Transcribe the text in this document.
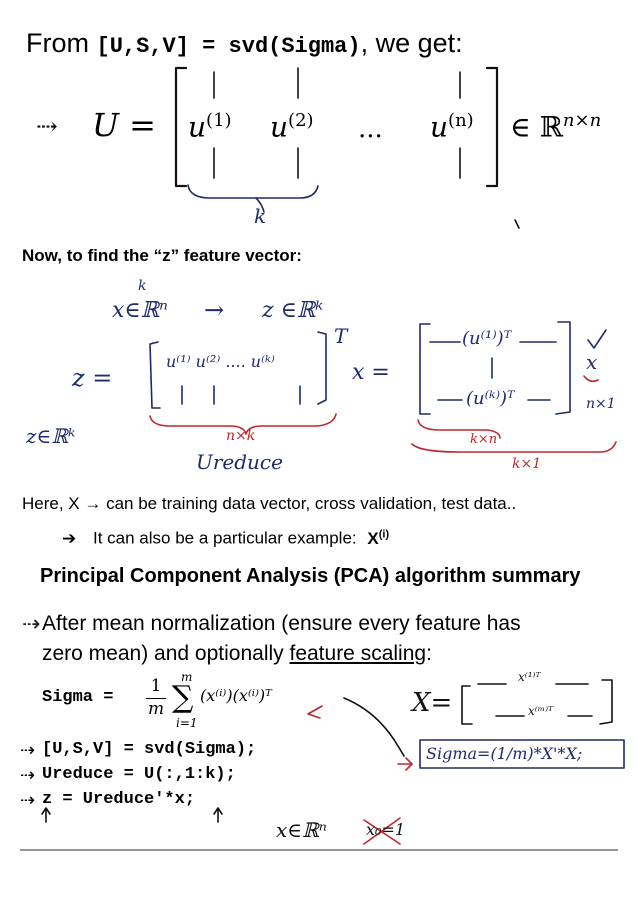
From [U,S,V] = svd(Sigma), we get:
⇢ $U = u^{(1)}$ $u^{(2)}$ ... $u^{(n)}$ ∈ ℝ$^{n\times n}$
k
Now, to find the “z” feature vector:
k
x∈ℝⁿ → z ∈ℝᵏ
z =
z∈ℝᵏ
u⁽¹⁾ u⁽²⁾ .... u⁽ᵏ⁾
T
x =
(u⁽¹⁾)ᵀ
(u⁽ᵏ⁾)ᵀ
x
n×1
n×k	k×n
k×1
Ureduce
Here, X → can be training data vector, cross validation, test data..
➔ It can also be a particular example: $X^{(i)}$
Principal Component Analysis (PCA) algorithm summary
⇢ After mean normalization (ensure every feature has
zero mean) and optionally feature scaling:
Sigma =
1
m
m
∑
i=1
(x⁽ⁱ⁾)(x⁽ⁱ⁾)ᵀ
⇢ [U,S,V] = svd(Sigma);
⇢ Ureduce = U(:,1:k);
⇢ z = Ureduce'*x;
X=
x⁽¹⁾ᵀ
x⁽ᵐ⁾ᵀ
Sigma=(1/m)*X'*X;
x∈ℝⁿ x₀=1
